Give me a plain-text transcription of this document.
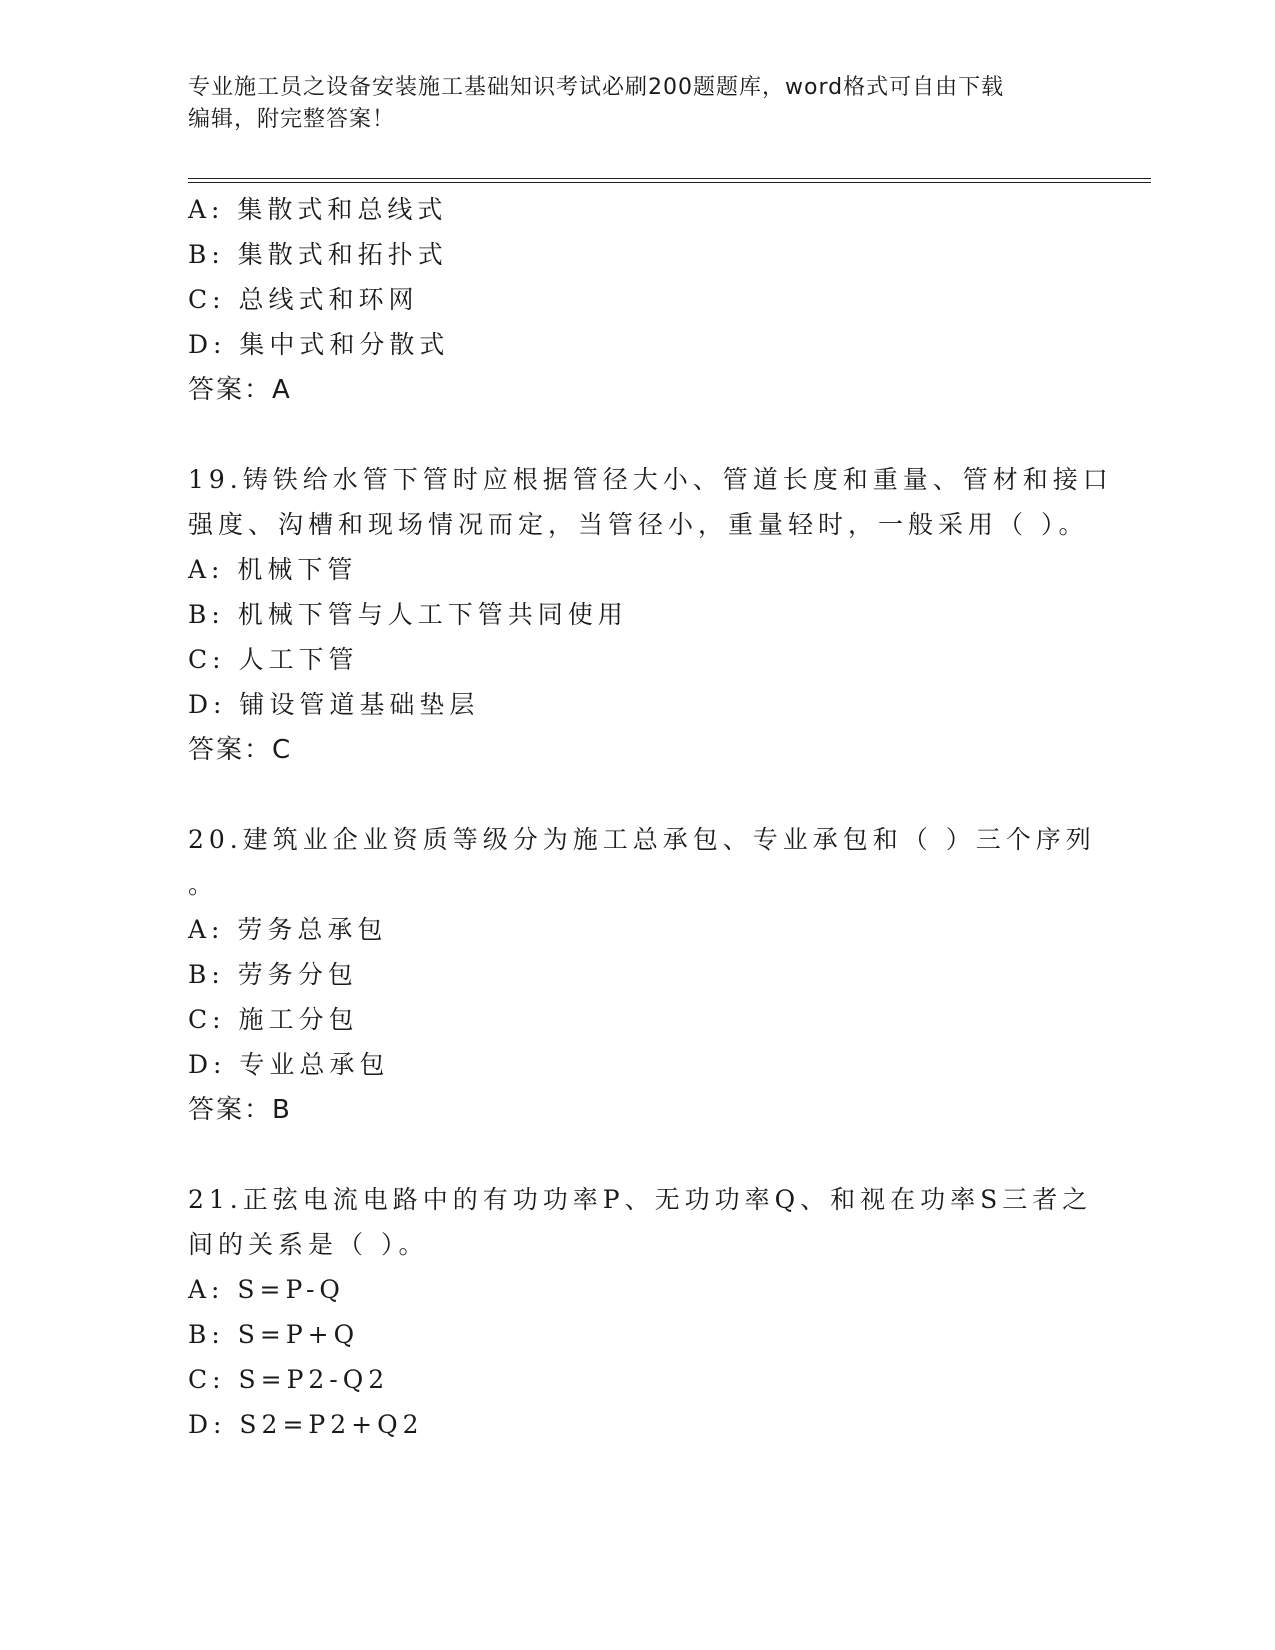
专业施工员之设备安装施工基础知识考试必刷200题题库，word格式可自由下载
编辑，附完整答案！
A: 集散式和总线式
B: 集散式和拓扑式
C: 总线式和环网
D: 集中式和分散式
答案：A
19.铸铁给水管下管时应根据管径大小、管道长度和重量、管材和接口
强度、沟槽和现场情况而定，当管径小，重量轻时，一般采用（ ）。
A: 机械下管
B: 机械下管与人工下管共同使用
C: 人工下管
D: 铺设管道基础垫层
答案：C
20.建筑业企业资质等级分为施工总承包、专业承包和（ ）三个序列
。
A: 劳务总承包
B: 劳务分包
C: 施工分包
D: 专业总承包
答案：B
21.正弦电流电路中的有功功率P、无功功率Q、和视在功率S三者之
间的关系是（ ）。
A: S=P-Q
B: S=P+Q
C: S=P2-Q2
D: S2=P2+Q2
